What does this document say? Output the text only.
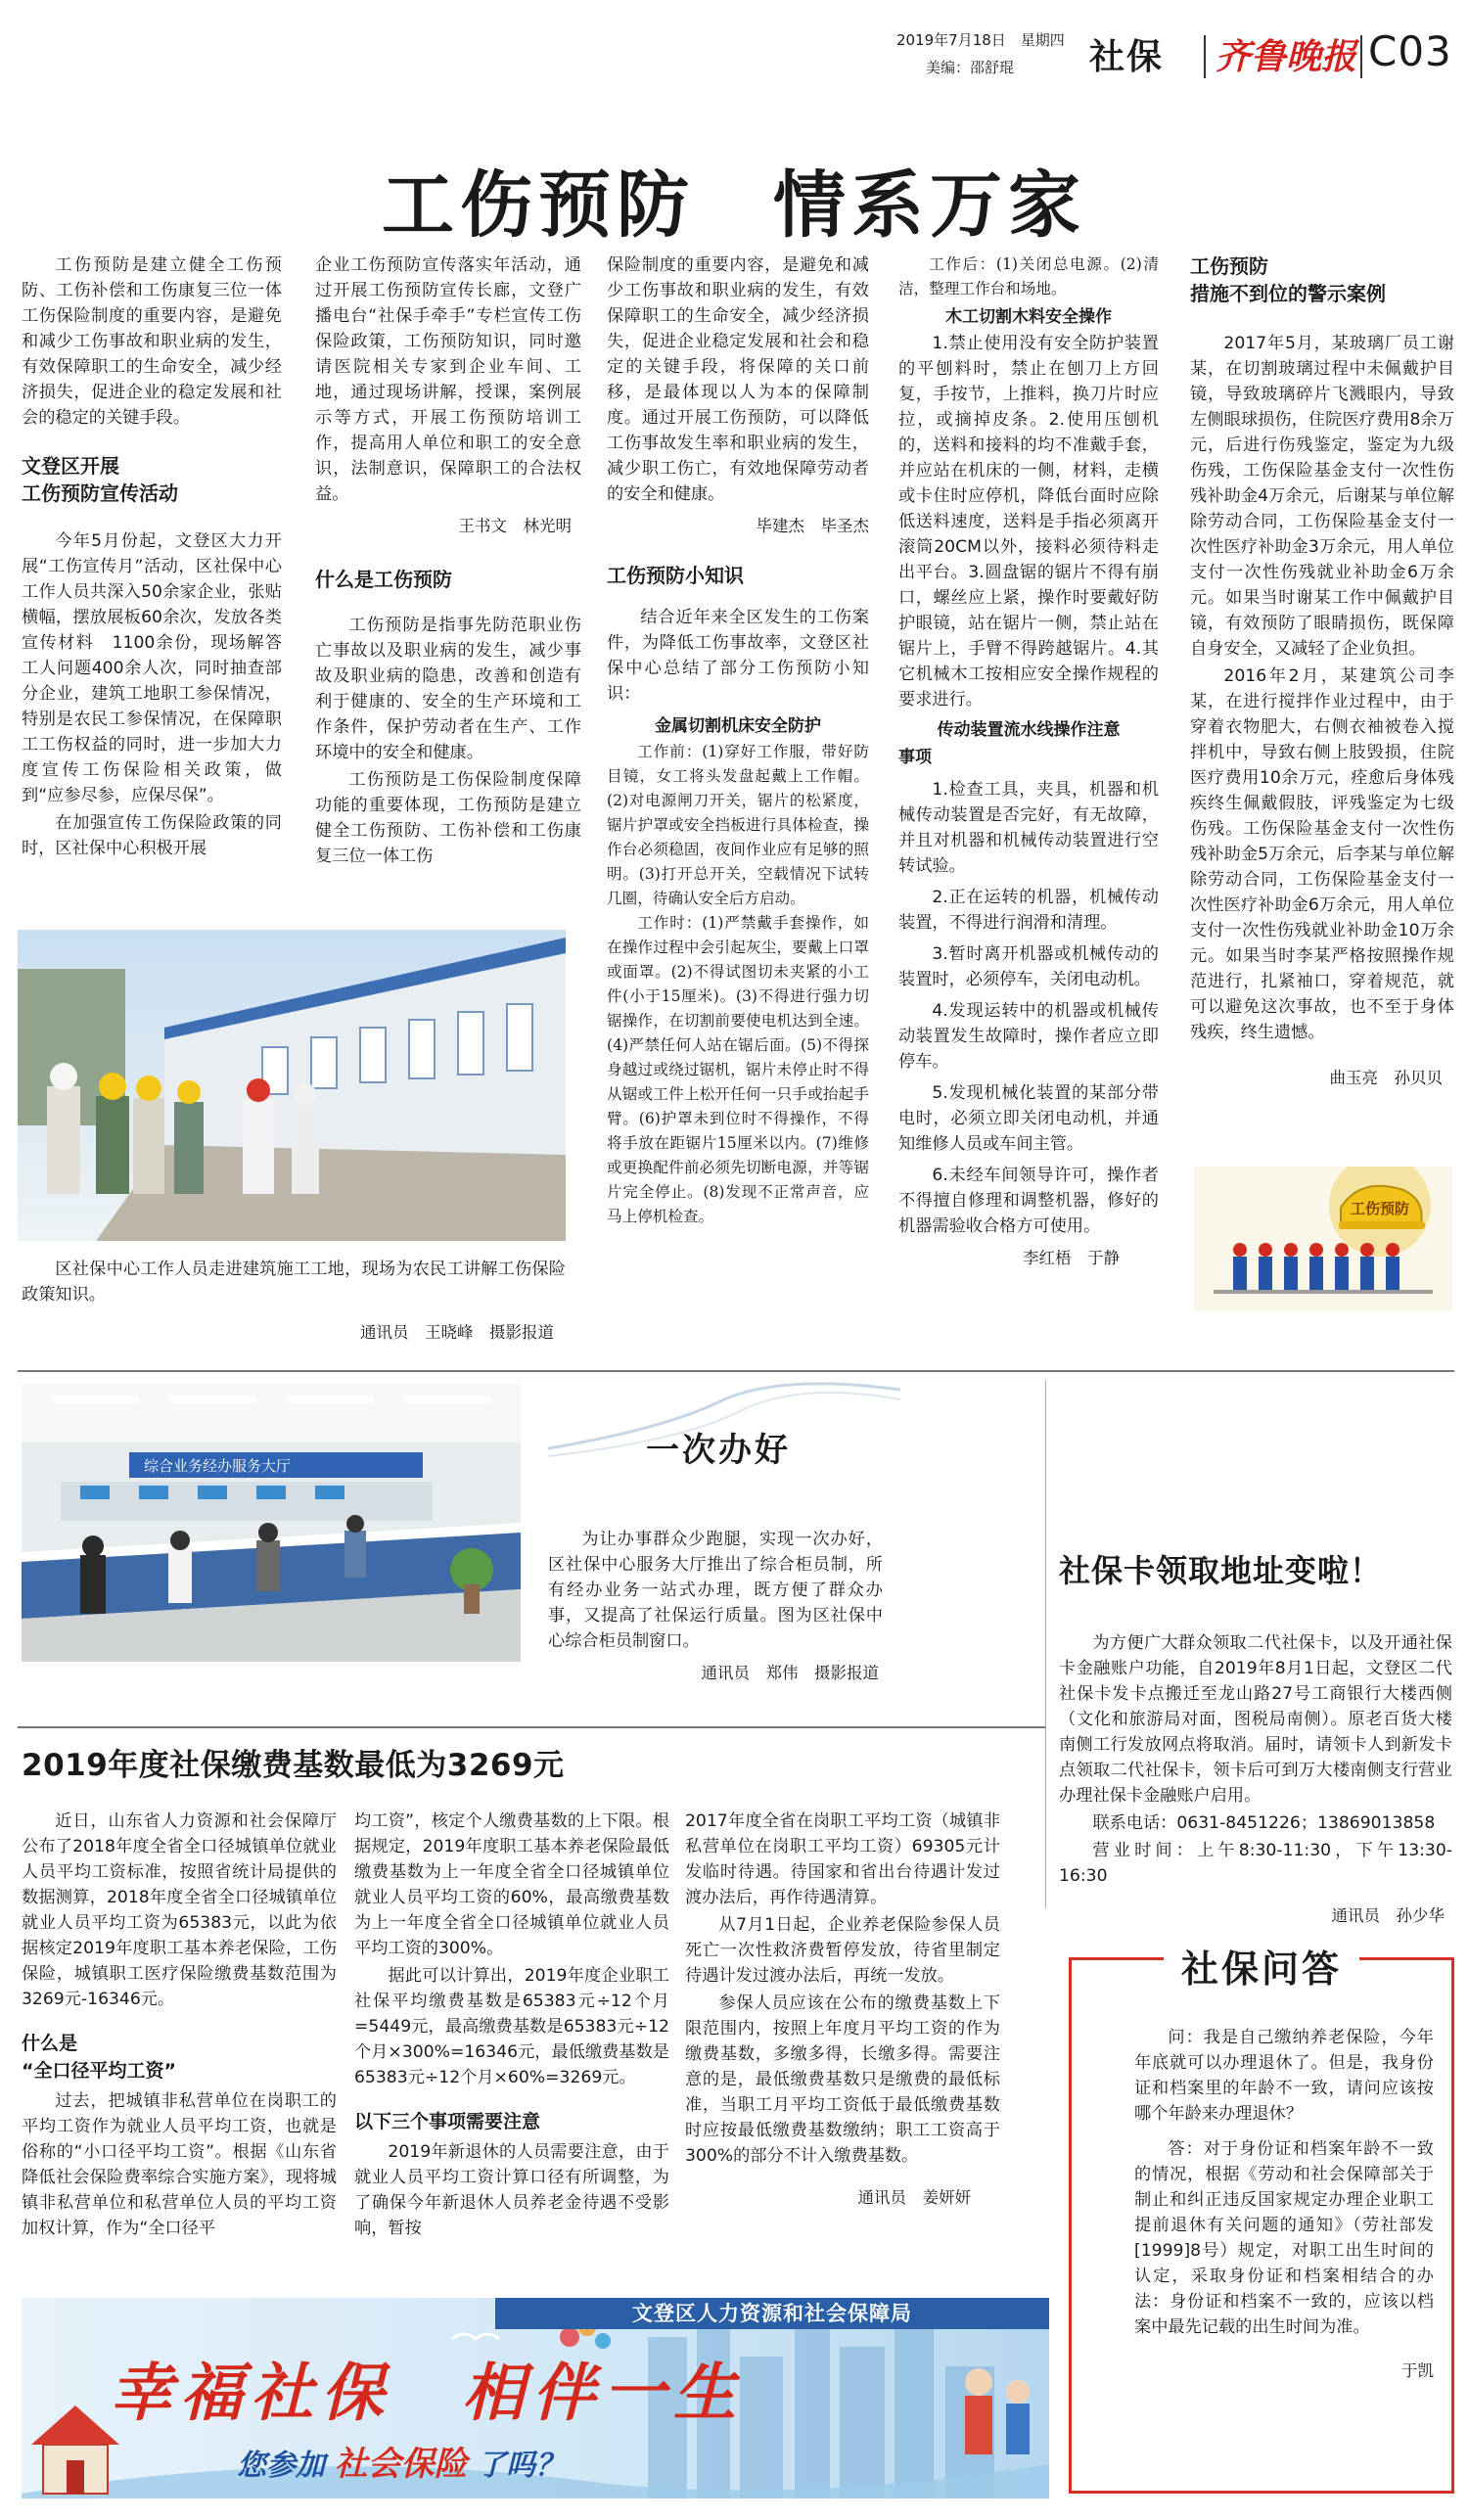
2019年7月18日　星期四
美编：邵舒琨 社保 齐鲁晚报 C03
工伤预防　情系万家
工伤预防是建立健全工伤预防、工伤补偿和工伤康复三位一体工伤保险制度的重要内容，是避免和减少工伤事故和职业病的发生，有效保障职工的生命安全，减少经济损失，促进企业的稳定发展和社会的稳定的关键手段。
文登区开展
工伤预防宣传活动
今年5月份起，文登区大力开展“工伤宣传月”活动，区社保中心工作人员共深入50余家企业，张贴横幅，摆放展板60余次，发放各类宣传材料　1100余份，现场解答工人问题400余人次，同时抽查部分企业，建筑工地职工参保情况，特别是农民工参保情况，在保障职工工伤权益的同时，进一步加大力度宣传工伤保险相关政策，做到“应参尽参，应保尽保”。
在加强宣传工伤保险政策的同时，区社保中心积极开展
企业工伤预防宣传落实年活动，通过开展工伤预防宣传长廊，文登广播电台“社保手牵手”专栏宣传工伤保险政策，工伤预防知识，同时邀请医院相关专家到企业车间、工地，通过现场讲解，授课，案例展示等方式，开展工伤预防培训工作，提高用人单位和职工的安全意识，法制意识，保障职工的合法权益。
王书文　林光明
什么是工伤预防
工伤预防是指事先防范职业伤亡事故以及职业病的发生，减少事故及职业病的隐患，改善和创造有利于健康的、安全的生产环境和工作条件，保护劳动者在生产、工作环境中的安全和健康。
工伤预防是工伤保险制度保障功能的重要体现，工伤预防是建立健全工伤预防、工伤补偿和工伤康复三位一体工伤
保险制度的重要内容，是避免和减少工伤事故和职业病的发生，有效保障职工的生命安全，减少经济损失，促进企业稳定发展和社会和稳定的关键手段，将保障的关口前移，是最体现以人为本的保障制度。通过开展工伤预防，可以降低工伤事故发生率和职业病的发生，减少职工伤亡，有效地保障劳动者的安全和健康。
毕建杰　毕圣杰
工伤预防小知识
结合近年来全区发生的工伤案件，为降低工伤事故率，文登区社保中心总结了部分工伤预防小知识：
金属切割机床安全防护
工作前：(1)穿好工作服，带好防目镜，女工将头发盘起戴上工作帽。(2)对电源闸刀开关，锯片的松紧度，锯片护罩或安全挡板进行具体检查，操作台必须稳固，夜间作业应有足够的照明。(3)打开总开关，空载情况下试转几圈，待确认安全后方启动。
工作时：(1)严禁戴手套操作，如在操作过程中会引起灰尘，要戴上口罩或面罩。(2)不得试图切未夹紧的小工件(小于15厘米)。(3)不得进行强力切锯操作，在切割前要使电机达到全速。(4)严禁任何人站在锯后面。(5)不得探身越过或绕过锯机，锯片未停止时不得从锯或工件上松开任何一只手或抬起手臂。(6)护罩未到位时不得操作，不得将手放在距锯片15厘米以内。(7)维修或更换配件前必须先切断电源，并等锯片完全停止。(8)发现不正常声音，应马上停机检查。
工作后：(1)关闭总电源。(2)清洁，整理工作台和场地。
木工切割木料安全操作
1.禁止使用没有安全防护装置的平刨料时，禁止在刨刀上方回复，手按节，上推料，换刀片时应拉，或摘掉皮条。2.使用压刨机的，送料和接料的均不准戴手套，并应站在机床的一侧，材料，走横或卡住时应停机，降低台面时应除低送料速度，送料是手指必须离开滚筒20CM以外，接料必须待料走出平台。3.圆盘锯的锯片不得有崩口，螺丝应上紧，操作时要戴好防护眼镜，站在锯片一侧，禁止站在锯片上，手臂不得跨越锯片。4.其它机械木工按相应安全操作规程的要求进行。
传动装置流水线操作注意
事项
1.检查工具，夹具，机器和机械传动装置是否完好，有无故障，并且对机器和机械传动装置进行空转试验。
2.正在运转的机器，机械传动装置，不得进行润滑和清理。
3.暂时离开机器或机械传动的装置时，必须停车，关闭电动机。
4.发现运转中的机器或机械传动装置发生故障时，操作者应立即停车。
5.发现机械化装置的某部分带电时，必须立即关闭电动机，并通知维修人员或车间主管。
6.未经车间领导许可，操作者不得擅自修理和调整机器，修好的机器需验收合格方可使用。
李红梧　于静
工伤预防
措施不到位的警示案例
2017年5月，某玻璃厂员工谢某，在切割玻璃过程中未佩戴护目镜，导致玻璃碎片飞溅眼内，导致左侧眼球损伤，住院医疗费用8余万元，后进行伤残鉴定，鉴定为九级伤残，工伤保险基金支付一次性伤残补助金4万余元，后谢某与单位解除劳动合同，工伤保险基金支付一次性医疗补助金3万余元，用人单位支付一次性伤残就业补助金6万余元。如果当时谢某工作中佩戴护目镜，有效预防了眼睛损伤，既保障自身安全，又减轻了企业负担。
2016年2月，某建筑公司李某，在进行搅拌作业过程中，由于穿着衣物肥大，右侧衣袖被卷入搅拌机中，导致右侧上肢毁损，住院医疗费用10余万元，痊愈后身体残疾终生佩戴假肢，评残鉴定为七级伤残。工伤保险基金支付一次性伤残补助金5万余元，后李某与单位解除劳动合同，工伤保险基金支付一次性医疗补助金6万余元，用人单位支付一次性伤残就业补助金10万余元。如果当时李某严格按照操作规范进行，扎紧袖口，穿着规范，就可以避免这次事故，也不至于身体残疾，终生遗憾。
曲玉亮　孙贝贝
工伤预防
区社保中心工作人员走进建筑施工工地，现场为农民工讲解工伤保险政策知识。
通讯员　王晓峰　摄影报道
综合业务经办服务大厅	一次办好
为让办事群众少跑腿，实现一次办好，区社保中心服务大厅推出了综合柜员制，所有经办业务一站式办理，既方便了群众办事，又提高了社保运行质量。图为区社保中心综合柜员制窗口。
通讯员　郑伟　摄影报道
社保卡领取地址变啦！
为方便广大群众领取二代社保卡，以及开通社保卡金融账户功能，自2019年8月1日起，文登区二代社保卡发卡点搬迁至龙山路27号工商银行大楼西侧（文化和旅游局对面，图税局南侧）。原老百货大楼南侧工行发放网点将取消。届时，请领卡人到新发卡点领取二代社保卡，领卡后可到万大楼南侧支行营业办理社保卡金融账户启用。
联系电话：0631-8451226；13869013858
营业时间：上午8:30-11:30，下午13:30-16:30
通讯员　孙少华
2019年度社保缴费基数最低为3269元
近日，山东省人力资源和社会保障厅公布了2018年度全省全口径城镇单位就业人员平均工资标准，按照省统计局提供的数据测算，2018年度全省全口径城镇单位就业人员平均工资为65383元，以此为依据核定2019年度职工基本养老保险，工伤保险，城镇职工医疗保险缴费基数范围为3269元-16346元。
什么是
“全口径平均工资”
过去，把城镇非私营单位在岗职工的平均工资作为就业人员平均工资，也就是俗称的“小口径平均工资”。根据《山东省降低社会保险费率综合实施方案》，现将城镇非私营单位和私营单位人员的平均工资加权计算，作为“全口径平
均工资”，核定个人缴费基数的上下限。根据规定，2019年度职工基本养老保险最低缴费基数为上一年度全省全口径城镇单位就业人员平均工资的60%，最高缴费基数为上一年度全省全口径城镇单位就业人员平均工资的300%。
据此可以计算出，2019年度企业职工社保平均缴费基数是65383元÷12个月=5449元，最高缴费基数是65383元÷12个月×300%=16346元，最低缴费基数是65383元÷12个月×60%=3269元。
以下三个事项需要注意
2019年新退休的人员需要注意，由于就业人员平均工资计算口径有所调整，为了确保今年新退休人员养老金待遇不受影响，暂按
2017年度全省在岗职工平均工资（城镇非私营单位在岗职工平均工资）69305元计发临时待遇。待国家和省出台待遇计发过渡办法后，再作待遇清算。
从7月1日起，企业养老保险参保人员死亡一次性救济费暂停发放，待省里制定待遇计发过渡办法后，再统一发放。
参保人员应该在公布的缴费基数上下限范围内，按照上年度月平均工资的作为缴费基数，多缴多得，长缴多得。需要注意的是，最低缴费基数只是缴费的最低标准，当职工月平均工资低于最低缴费基数时应按最低缴费基数缴纳；职工工资高于300%的部分不计入缴费基数。
通讯员　姜妍妍
社保问答
问：我是自己缴纳养老保险，今年年底就可以办理退休了。但是，我身份证和档案里的年龄不一致，请问应该按哪个年龄来办理退休？
答：对于身份证和档案年龄不一致的情况，根据《劳动和社会保障部关于制止和纠正违反国家规定办理企业职工提前退休有关问题的通知》（劳社部发[1999]8号）规定，对职工出生时间的认定，采取身份证和档案相结合的办法：身份证和档案不一致的，应该以档案中最先记载的出生时间为准。
于凯
文登区人力资源和社会保障局
幸福社保　相伴一生
您参加 社会保险 了吗？
